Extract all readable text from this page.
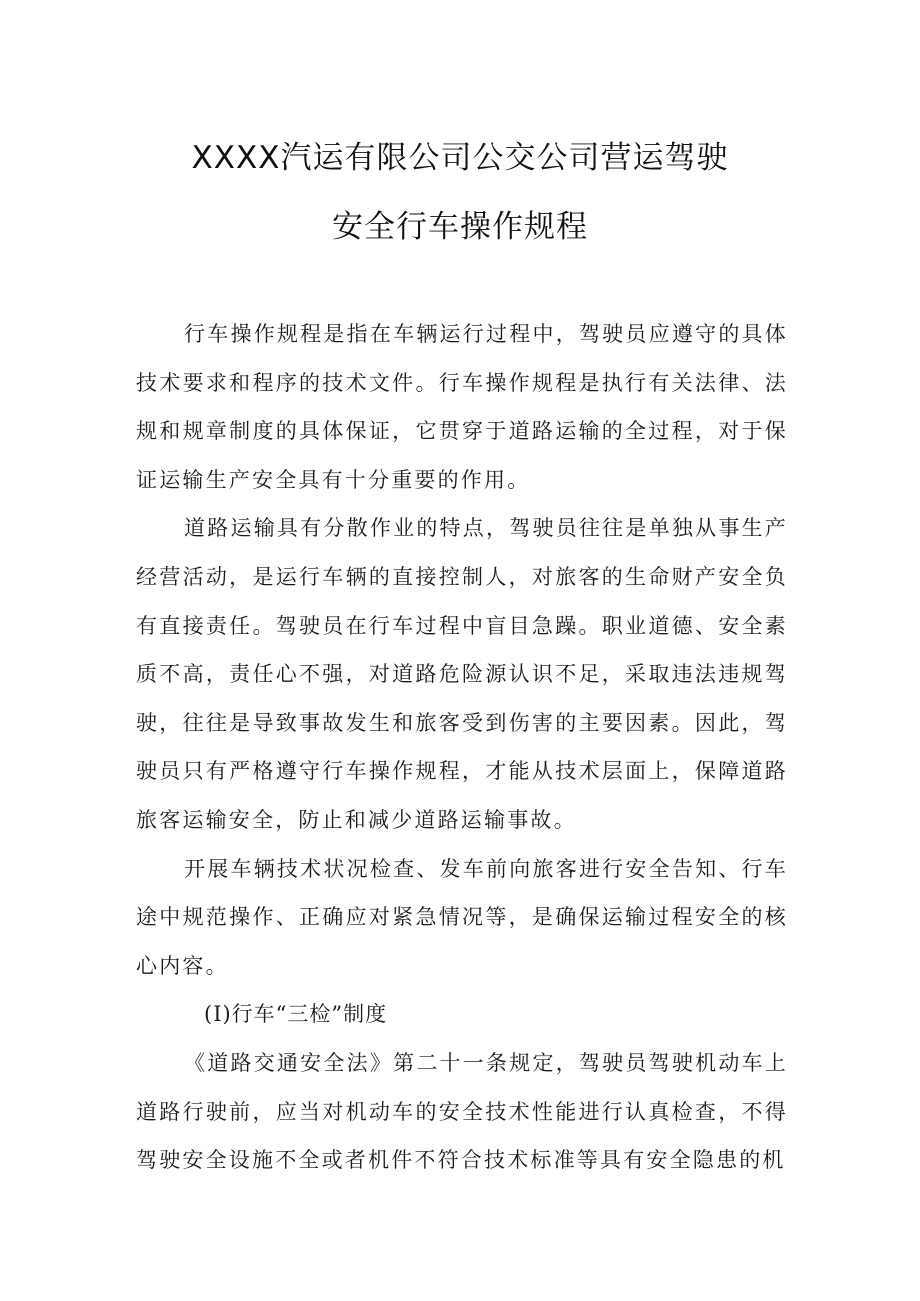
XXXX汽运有限公司公交公司营运驾驶
安全行车操作规程

行车操作规程是指在车辆运行过程中，驾驶员应遵守的具体技术要求和程序的技术文件。行车操作规程是执行有关法律、法规和规章制度的具体保证，它贯穿于道路运输的全过程，对于保证运输生产安全具有十分重要的作用。

道路运输具有分散作业的特点，驾驶员往往是单独从事生产经营活动，是运行车辆的直接控制人，对旅客的生命财产安全负有直接责任。驾驶员在行车过程中盲目急躁。职业道德、安全素质不高，责任心不强，对道路危险源认识不足，采取违法违规驾驶，往往是导致事故发生和旅客受到伤害的主要因素。因此，驾驶员只有严格遵守行车操作规程，才能从技术层面上，保障道路旅客运输安全，防止和减少道路运输事故。

开展车辆技术状况检查、发车前向旅客进行安全告知、行车途中规范操作、正确应对紧急情况等，是确保运输过程安全的核心内容。

(I)行车“三检”制度

《道路交通安全法》第二十一条规定，驾驶员驾驶机动车上道路行驶前，应当对机动车的安全技术性能进行认真检查，不得驾驶安全设施不全或者机件不符合技术标准等具有安全隐患的机
